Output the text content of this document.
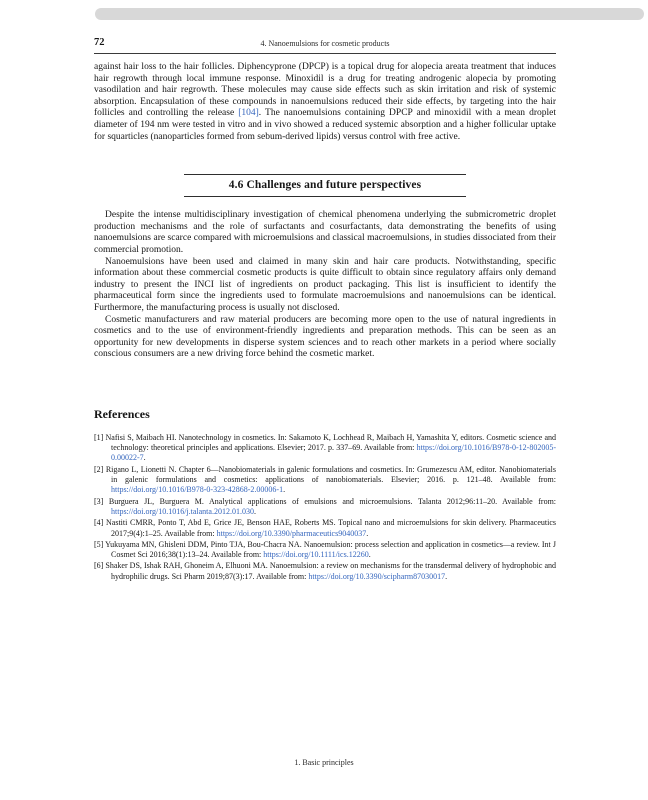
72	4. Nanoemulsions for cosmetic products

against hair loss to the hair follicles. Diphencyprone (DPCP) is a topical drug for alopecia areata treatment that induces hair regrowth through local immune response. Minoxidil is a drug for treating androgenic alopecia by promoting vasodilation and hair regrowth. These molecules may cause side effects such as skin irritation and risk of systemic absorption. Encapsulation of these compounds in nanoemulsions reduced their side effects, by targeting into the hair follicles and controlling the release [104]. The nanoemulsions containing DPCP and minoxidil with a mean droplet diameter of 194 nm were tested in vitro and in vivo showed a reduced systemic absorption and a higher follicular uptake for squarticles (nanoparticles formed from sebum-derived lipids) versus control with free active.

4.6 Challenges and future perspectives

Despite the intense multidisciplinary investigation of chemical phenomena underlying the submicrometric droplet production mechanisms and the role of surfactants and cosurfactants, data demonstrating the benefits of using nanoemulsions are scarce compared with microemulsions and classical macroemulsions, in studies dissociated from their commercial promotion.

Nanoemulsions have been used and claimed in many skin and hair care products. Notwithstanding, specific information about these commercial cosmetic products is quite difficult to obtain since regulatory affairs only demand industry to present the INCI list of ingredients on product packaging. This list is insufficient to identify the pharmaceutical form since the ingredients used to formulate macroemulsions and nanoemulsions can be identical. Furthermore, the manufacturing process is usually not disclosed.

Cosmetic manufacturers and raw material producers are becoming more open to the use of natural ingredients in cosmetics and to the use of environment-friendly ingredients and preparation methods. This can be seen as an opportunity for new developments in disperse system sciences and to reach other markets in a period where socially conscious consumers are a new driving force behind the cosmetic market.

References
[1] Nafisi S, Maibach HI. Nanotechnology in cosmetics. In: Sakamoto K, Lochhead R, Maibach H, Yamashita Y, editors. Cosmetic science and technology: theoretical principles and applications. Elsevier; 2017. p. 337–69. Available from: https://doi.org/10.1016/B978-0-12-802005-0.00022-7.
[2] Rigano L, Lionetti N. Chapter 6—Nanobiomaterials in galenic formulations and cosmetics. In: Grumezescu AM, editor. Nanobiomaterials in galenic formulations and cosmetics: applications of nanobiomaterials. Elsevier; 2016. p. 121–48. Available from: https://doi.org/10.1016/B978-0-323-42868-2.00006-1.
[3] Burguera JL, Burguera M. Analytical applications of emulsions and microemulsions. Talanta 2012;96:11–20. Available from: https://doi.org/10.1016/j.talanta.2012.01.030.
[4] Nastiti CMRR, Ponto T, Abd E, Grice JE, Benson HAE, Roberts MS. Topical nano and microemulsions for skin delivery. Pharmaceutics 2017;9(4):1–25. Available from: https://doi.org/10.3390/pharmaceutics9040037.
[5] Yukuyama MN, Ghisleni DDM, Pinto TJA, Bou-Chacra NA. Nanoemulsion: process selection and application in cosmetics—a review. Int J Cosmet Sci 2016;38(1):13–24. Available from: https://doi.org/10.1111/ics.12260.
[6] Shaker DS, Ishak RAH, Ghoneim A, Elhuoni MA. Nanoemulsion: a review on mechanisms for the transdermal delivery of hydrophobic and hydrophilic drugs. Sci Pharm 2019;87(3):17. Available from: https://doi.org/10.3390/scipharm87030017.
1. Basic principles
